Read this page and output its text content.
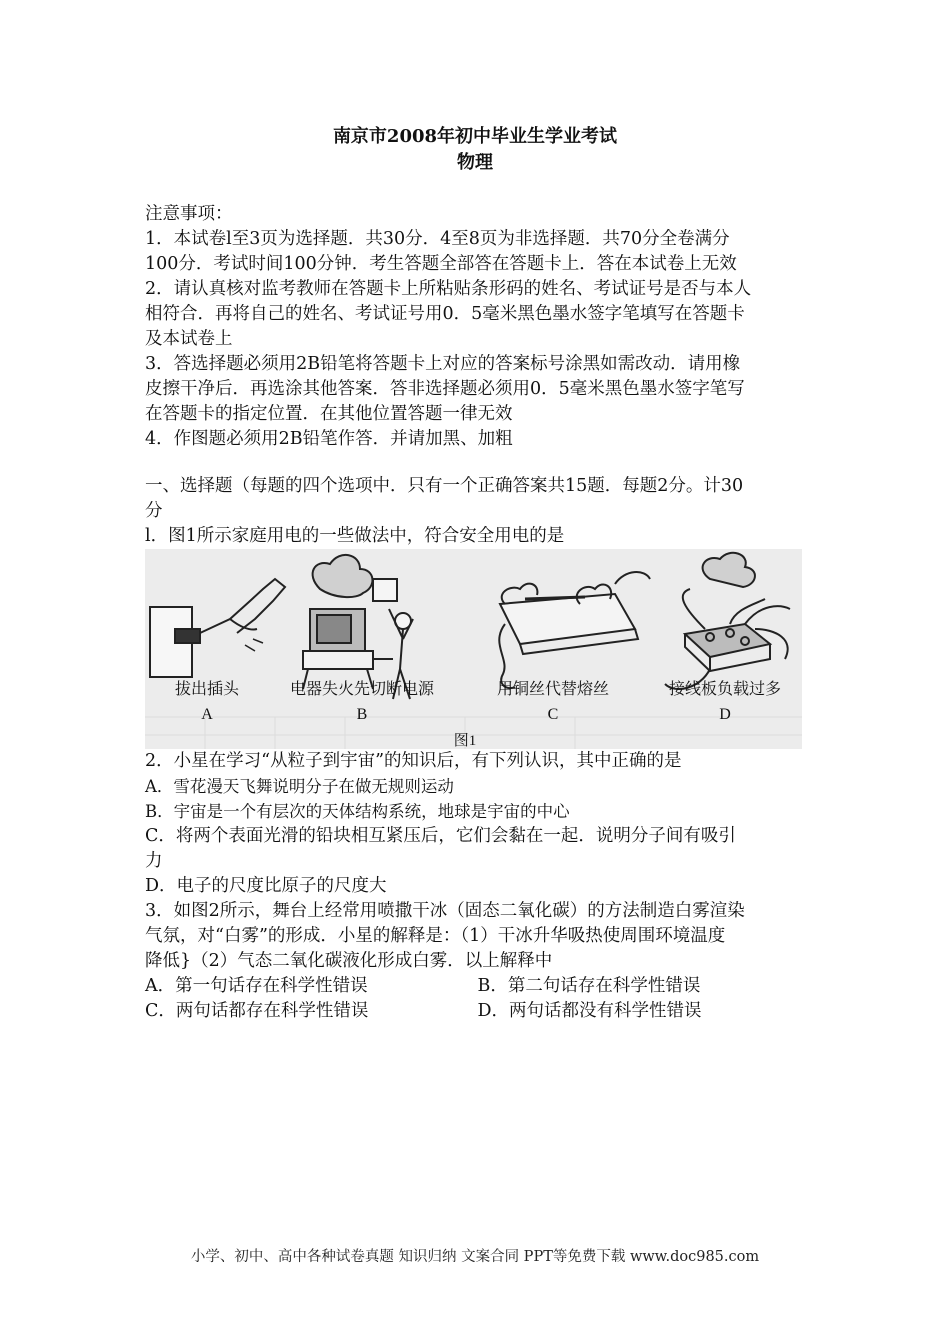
南京市2008年初中毕业生学业考试
物理
注意事项：
1．本试卷l至3页为选择题．共30分．4至8页为非选择题．共70分全卷满分
100分．考试时间100分钟．考生答题全部答在答题卡上．答在本试卷上无效
2．请认真核对监考教师在答题卡上所粘贴条形码的姓名、考试证号是否与本人
相符合．再将自己的姓名、考试证号用0．5毫米黑色墨水签字笔填写在答题卡
及本试卷上
3．答选择题必须用2B铅笔将答题卡上对应的答案标号涂黑如需改动．请用橡
皮擦干净后．再选涂其他答案．答非选择题必须用0．5毫米黑色墨水签字笔写
在答题卡的指定位置．在其他位置答题一律无效
4．作图题必须用2B铅笔作答．并请加黑、加粗
一、选择题（每题的四个选项中．只有一个正确答案共15题．每题2分。计30
分
l．图1所示家庭用电的一些做法中，符合安全用电的是
拔出插头
A
电器失火先切断电源
B
用铜丝代替熔丝
C
接线板负载过多
D
图1
2．小星在学习“从粒子到宇宙”的知识后，有下列认识，其中正确的是
A．雪花漫天飞舞说明分子在做无规则运动
B．宇宙是一个有层次的天体结构系统，地球是宇宙的中心
C．将两个表面光滑的铅块相互紧压后，它们会黏在一起．说明分子间有吸引
力
D．电子的尺度比原子的尺度大
3．如图2所示，舞台上经常用喷撒干冰（固态二氧化碳）的方法制造白雾渲染
气氛，对“白雾”的形成．小星的解释是：（1）干冰升华吸热使周围环境温度
降低}（2）气态二氧化碳液化形成白雾．以上解释中
A．第一句话存在科学性错误	B．第二句话存在科学性错误
C．两句话都存在科学性错误	D．两句话都没有科学性错误
小学、初中、高中各种试卷真题 知识归纳 文案合同 PPT等免费下载 www.doc985.com
